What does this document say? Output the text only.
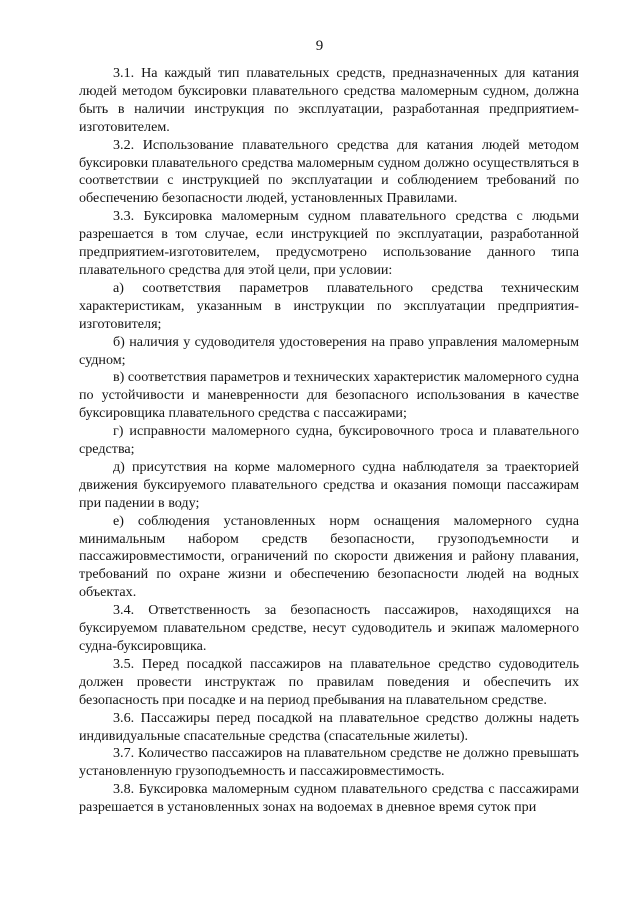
9

3.1. На каждый тип плавательных средств, предназначенных для катания людей методом буксировки плавательного средства маломерным судном, должна быть в наличии инструкция по эксплуатации, разработанная предприятием-изготовителем.

3.2. Использование плавательного средства для катания людей методом буксировки плавательного средства маломерным судном должно осуществляться в соответствии с инструкцией по эксплуатации и соблюдением требований по обеспечению безопасности людей, установленных Правилами.

3.3. Буксировка маломерным судном плавательного средства с людьми разрешается в том случае, если инструкцией по эксплуатации, разработанной предприятием-изготовителем, предусмотрено использование данного типа плавательного средства для этой цели, при условии:

а) соответствия параметров плавательного средства техническим характеристикам, указанным в инструкции по эксплуатации предприятия-изготовителя;

б) наличия у судоводителя удостоверения на право управления маломерным судном;

в) соответствия параметров и технических характеристик маломерного судна по устойчивости и маневренности для безопасного использования в качестве буксировщика плавательного средства с пассажирами;

г) исправности маломерного судна, буксировочного троса и плавательного средства;

д) присутствия на корме маломерного судна наблюдателя за траекторией движения буксируемого плавательного средства и оказания помощи пассажирам при падении в воду;

е) соблюдения установленных норм оснащения маломерного судна минимальным набором средств безопасности, грузоподъемности и пассажировместимости, ограничений по скорости движения и району плавания, требований по охране жизни и обеспечению безопасности людей на водных объектах.

3.4. Ответственность за безопасность пассажиров, находящихся на буксируемом плавательном средстве, несут судоводитель и экипаж маломерного судна-буксировщика.

3.5. Перед посадкой пассажиров на плавательное средство судоводитель должен провести инструктаж по правилам поведения и обеспечить их безопасность при посадке и на период пребывания на плавательном средстве.

3.6. Пассажиры перед посадкой на плавательное средство должны надеть индивидуальные спасательные средства (спасательные жилеты).

3.7. Количество пассажиров на плавательном средстве не должно превышать установленную грузоподъемность и пассажировместимость.

3.8. Буксировка маломерным судном плавательного средства с пассажирами разрешается в установленных зонах на водоемах в дневное время суток при
